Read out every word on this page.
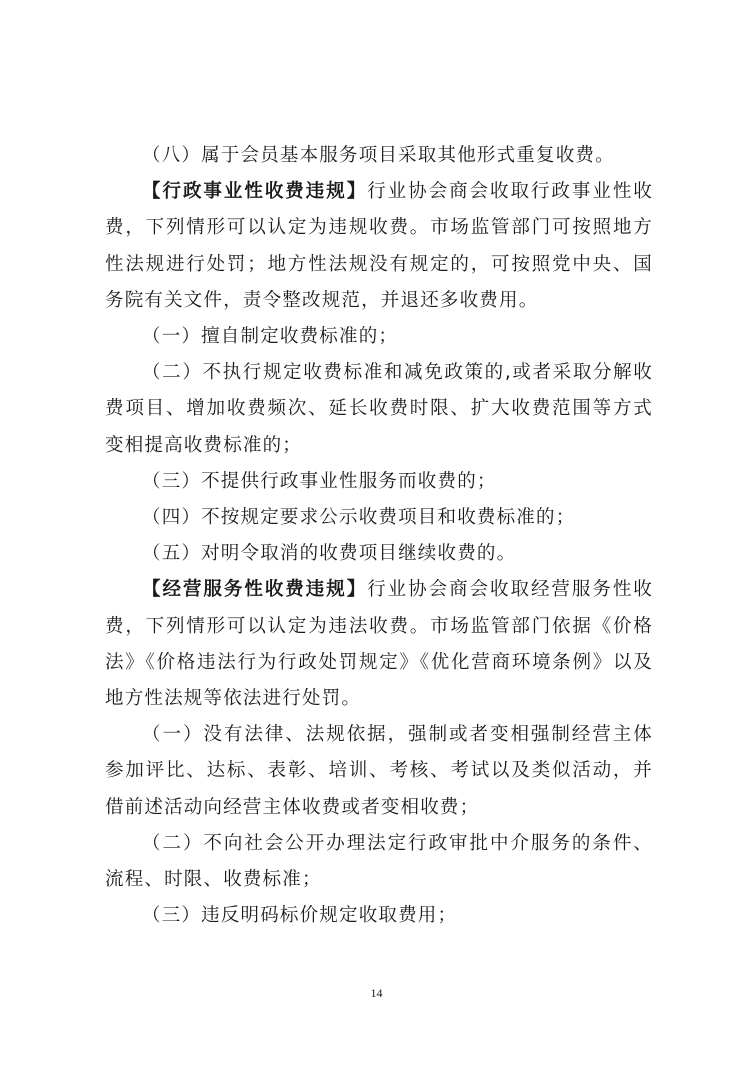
（八）属于会员基本服务项目采取其他形式重复收费。

【行政事业性收费违规】行业协会商会收取行政事业性收费，下列情形可以认定为违规收费。市场监管部门可按照地方性法规进行处罚；地方性法规没有规定的，可按照党中央、国务院有关文件，责令整改规范，并退还多收费用。

（一）擅自制定收费标准的；

（二）不执行规定收费标准和减免政策的,或者采取分解收费项目、增加收费频次、延长收费时限、扩大收费范围等方式变相提高收费标准的；

（三）不提供行政事业性服务而收费的；

（四）不按规定要求公示收费项目和收费标准的；

（五）对明令取消的收费项目继续收费的。

【经营服务性收费违规】行业协会商会收取经营服务性收费，下列情形可以认定为违法收费。市场监管部门依据《价格法》《价格违法行为行政处罚规定》《优化营商环境条例》以及地方性法规等依法进行处罚。

（一）没有法律、法规依据，强制或者变相强制经营主体参加评比、达标、表彰、培训、考核、考试以及类似活动，并借前述活动向经营主体收费或者变相收费；

（二）不向社会公开办理法定行政审批中介服务的条件、流程、时限、收费标准；

（三）违反明码标价规定收取费用；

14
